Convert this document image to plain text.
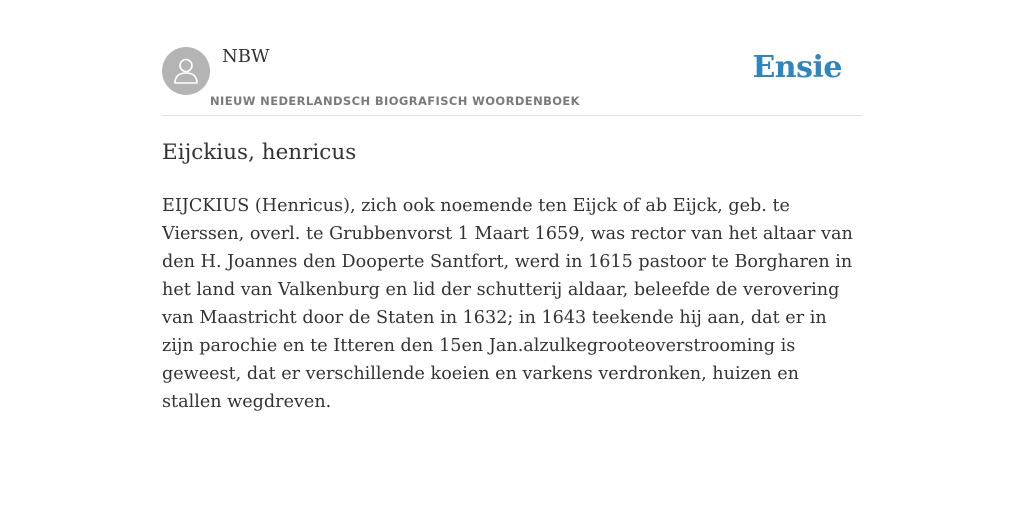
NBW
NIEUW NEDERLANDSCH BIOGRAFISCH WOORDENBOEK
Ensie
Eijckius, henricus

EIJCKIUS (Henricus), zich ook noemende ten Eijck of ab Eijck, geb. te Vierssen, overl. te Grubbenvorst 1 Maart 1659, was rector van het altaar van den H. Joannes den Dooperte Santfort, werd in 1615 pastoor te Borgharen in het land van Valkenburg en lid der schutterij aldaar, beleefde de verovering van Maastricht door de Staten in 1632; in 1643 teekende hij aan, dat er in zijn parochie en te Itteren den 15en Jan.alzulkegrooteoverstrooming is geweest, dat er verschillende koeien en varkens verdronken, huizen en stallen wegdreven.
